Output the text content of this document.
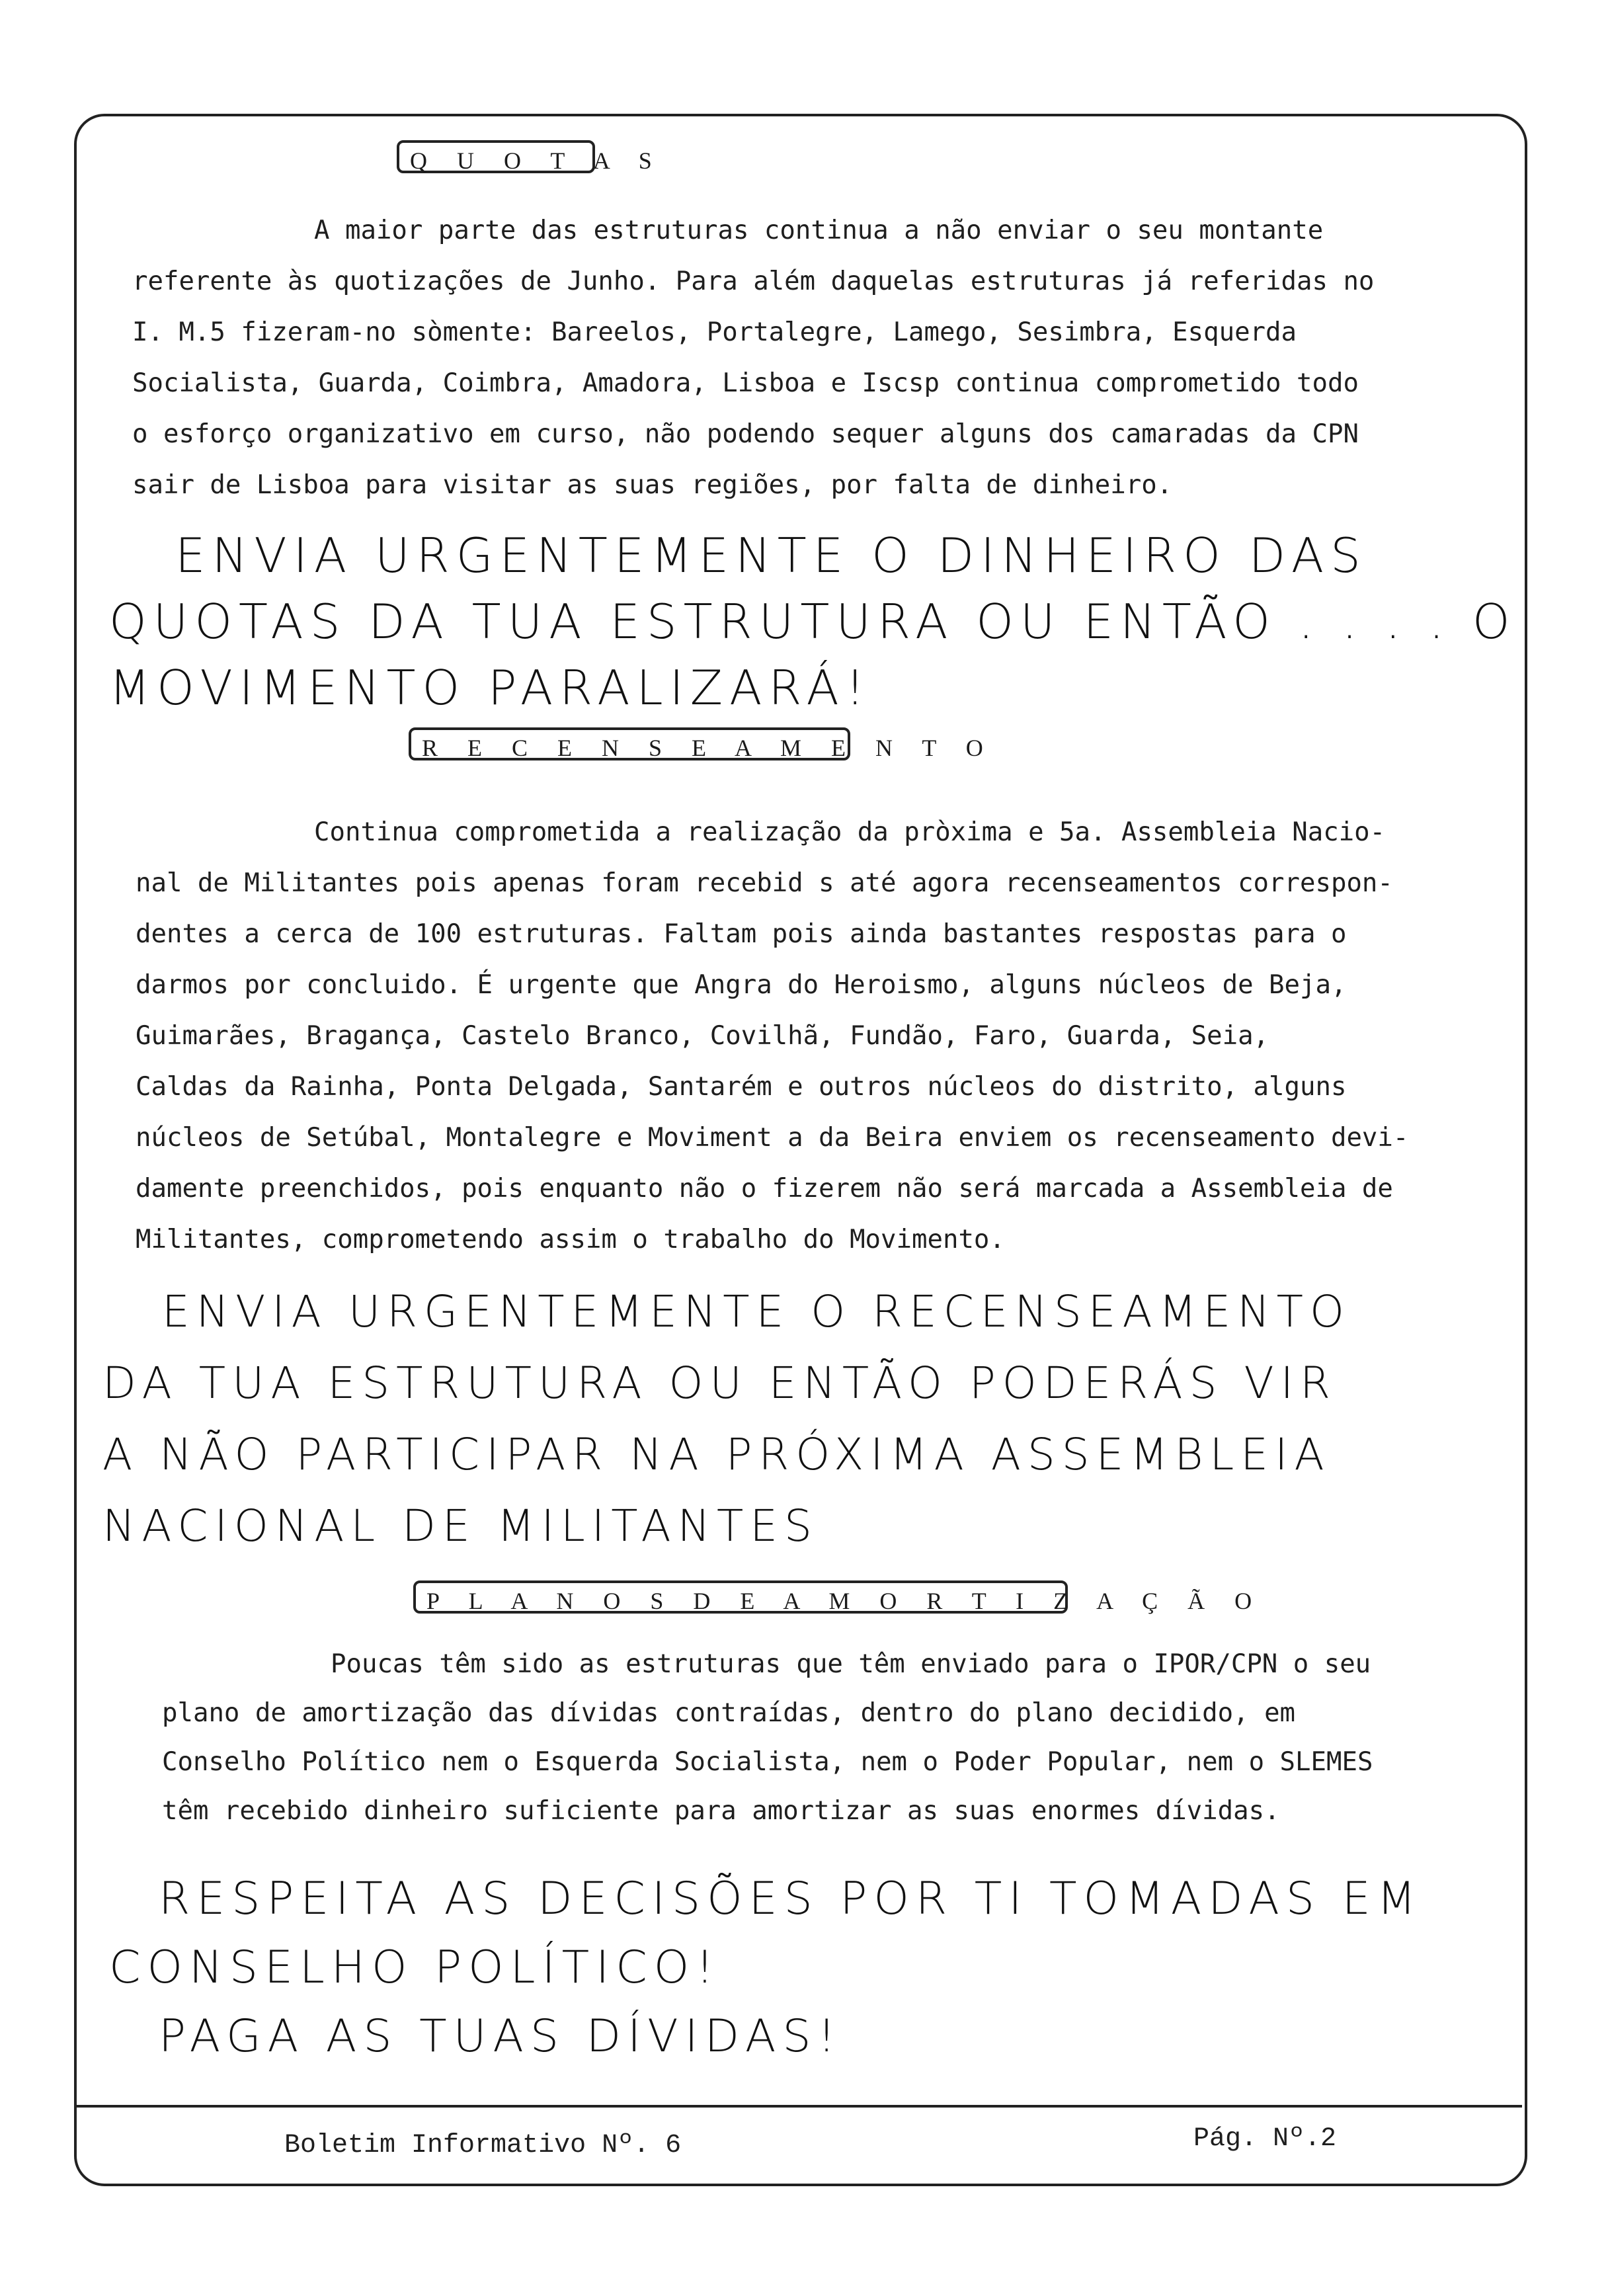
Q U O T A S
A maior parte das estruturas continua a não enviar o seu montante
referente às quotizações de Junho. Para além daquelas estruturas já referidas no
I. M.5 fizeram-no sòmente: Bareelos, Portalegre, Lamego, Sesimbra, Esquerda
Socialista, Guarda, Coimbra, Amadora, Lisboa e Iscsp continua comprometido todo
o esforço organizativo em curso, não podendo sequer alguns dos camaradas da CPN
sair de Lisboa para visitar as suas regiões, por falta de dinheiro.
ENVIA URGENTEMENTE O DINHEIRO DAS
QUOTAS DA TUA ESTRUTURA OU ENTÃO . . . . O
MOVIMENTO PARALIZARÁ!
R E C E N S E A M E N T O
Continua comprometida a realização da pròxima e 5a. Assembleia Nacio-
nal de Militantes pois apenas foram recebid s até agora recenseamentos correspon-
dentes a cerca de 100 estruturas. Faltam pois ainda bastantes respostas para o
darmos por concluido. É urgente que Angra do Heroismo, alguns núcleos de Beja,
Guimarães, Bragança, Castelo Branco, Covilhã, Fundão, Faro, Guarda, Seia,
Caldas da Rainha, Ponta Delgada, Santarém e outros núcleos do distrito, alguns
núcleos de Setúbal, Montalegre e Moviment a da Beira enviem os recenseamento devi-
damente preenchidos, pois enquanto não o fizerem não será marcada a Assembleia de
Militantes, comprometendo assim o trabalho do Movimento.
ENVIA URGENTEMENTE O RECENSEAMENTO
DA TUA ESTRUTURA OU ENTÃO PODERÁS VIR
A NÃO PARTICIPAR NA PRÓXIMA ASSEMBLEIA
NACIONAL DE MILITANTES
P L A N O S D E A M O R T I Z A Ç Ã O
Poucas têm sido as estruturas que têm enviado para o IPOR/CPN o seu
plano de amortização das dívidas contraídas, dentro do plano decidido, em
Conselho Político nem o Esquerda Socialista, nem o Poder Popular, nem o SLEMES
têm recebido dinheiro suficiente para amortizar as suas enormes dívidas.
RESPEITA AS DECISÕES POR TI TOMADAS EM
CONSELHO POLÍTICO!
PAGA AS TUAS DÍVIDAS!
Boletim Informativo Nº. 6	Pág. Nº.2
